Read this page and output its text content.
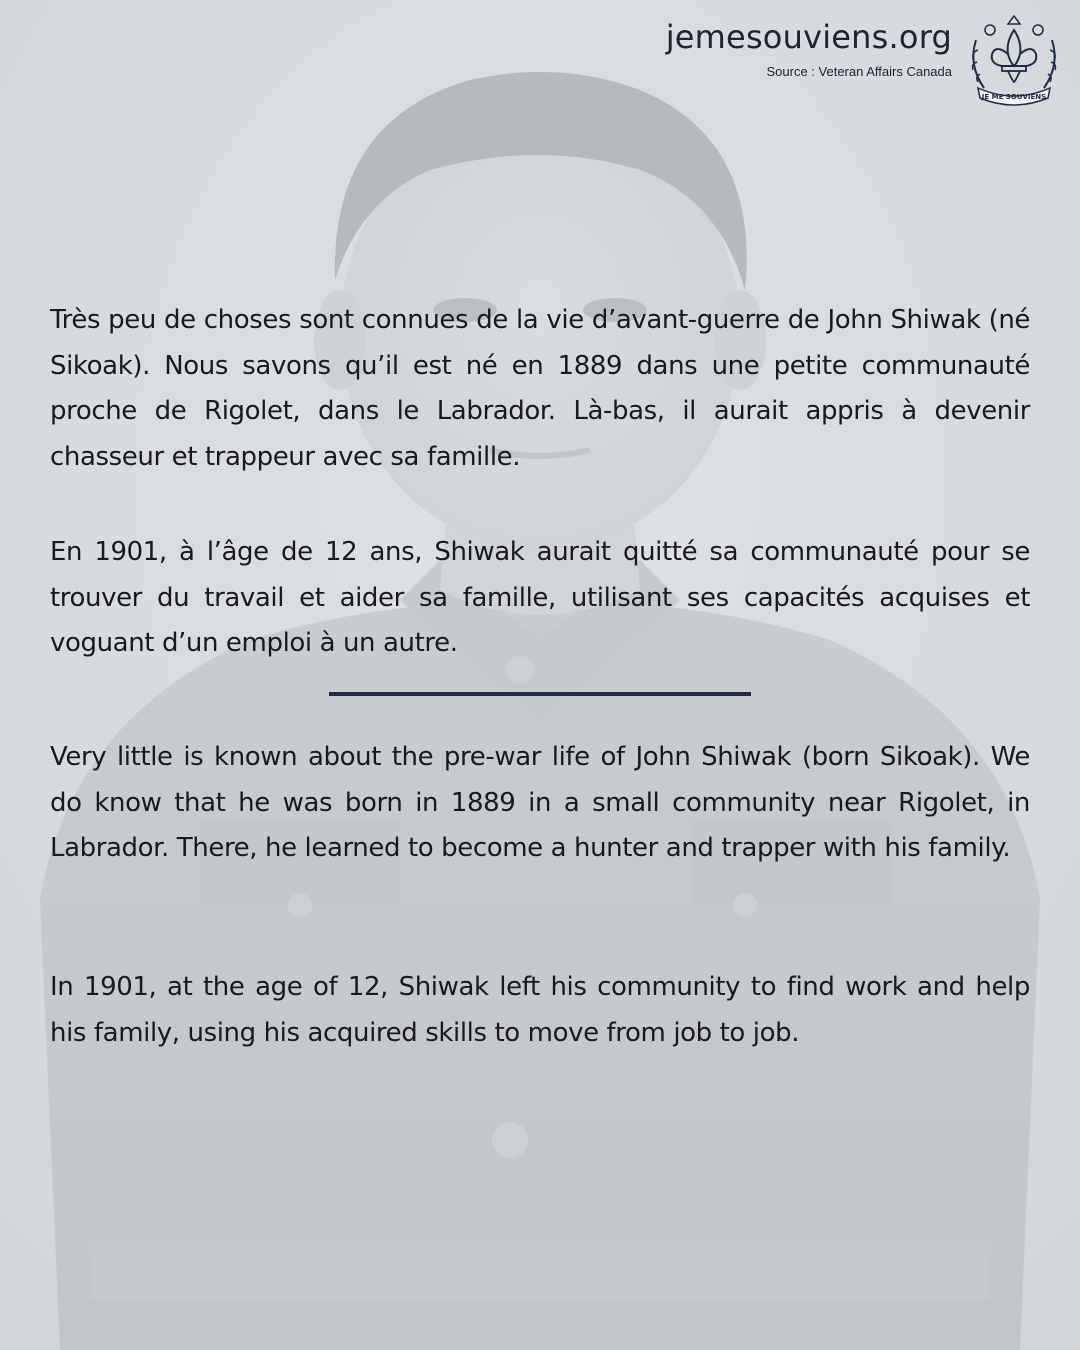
jemesouviens.org
Source : Veteran Affairs Canada
JE ME SOUVIENS

Très peu de choses sont connues de la vie d’avant-guerre de John Shiwak (né Sikoak). Nous savons qu’il est né en 1889 dans une petite communauté proche de Rigolet, dans le Labrador. Là-bas, il aurait appris à devenir chasseur et trappeur avec sa famille.

En 1901, à l’âge de 12 ans, Shiwak aurait quitté sa communauté pour se trouver du travail et aider sa famille, utilisant ses capacités acquises et voguant d’un emploi à un autre.

Very little is known about the pre-war life of John Shiwak (born Sikoak). We do know that he was born in 1889 in a small community near Rigolet, in Labrador. There, he learned to become a hunter and trapper with his family.

In 1901, at the age of 12, Shiwak left his community to find work and help his family, using his acquired skills to move from job to job.
